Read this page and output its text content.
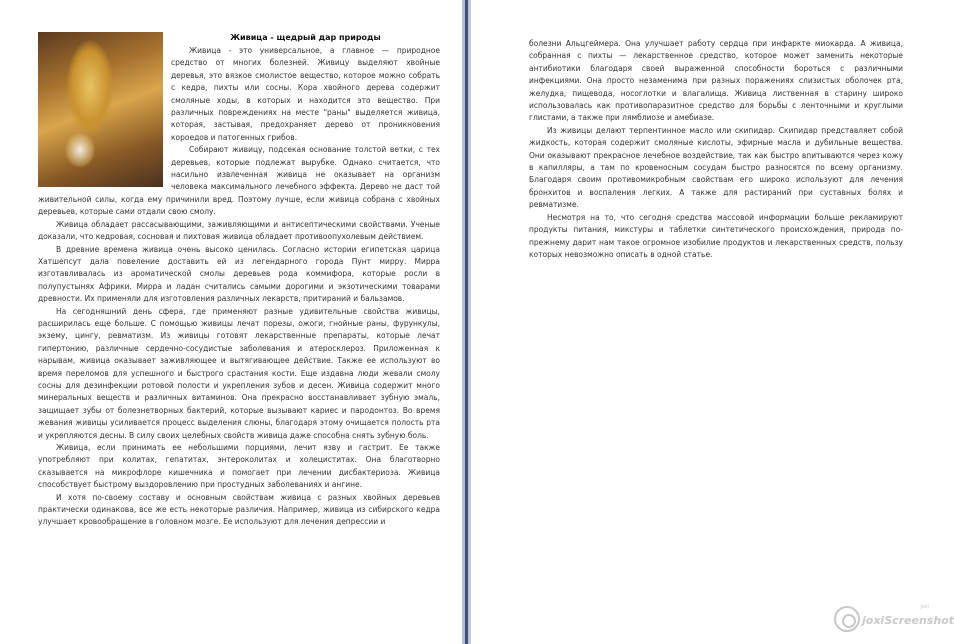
Живица - щедрый дар природы

Живица - это универсальное, а главное — природное средство от многих болезней. Живицу выделяют хвойные деревья, это вязкое смолистое вещество, которое можно собрать с кедра, пихты или сосны. Кора хвойного дерева содержит смоляные ходы, в которых и находится это вещество. При различных повреждениях на месте "раны" выделяется живица, которая, застывая, предохраняет дерево от проникновения короедов и патогенных грибов.

Собирают живицу, подсекая основание толстой ветки, с тех деревьев, которые подлежат вырубке. Однако считается, что насильно извлеченная живица не оказывает на организм человека максимального лечебного эффекта. Дерево не даст той живительной силы, когда ему причинили вред. Поэтому лучше, если живица собрана с хвойных деревьев, которые сами отдали свою смолу.

Живица обладает рассасывающими, заживляющими и антисептическими свойствами. Ученые доказали, что кедровая, сосновая и пихтовая живица обладает противоопухолевым действием.

В древние времена живица очень высоко ценилась. Согласно истории египетская царица Хатшепсут дала повеление доставить ей из легендарного города Пунт мирру. Мирра изготавливалась из ароматической смолы деревьев рода коммифора, которые росли в полупустынях Африки. Мирра и ладан считались самыми дорогими и экзотическими товарами древности. Их применяли для изготовления различных лекарств, притираний и бальзамов.

На сегодняшний день сфера, где применяют разные удивительные свойства живицы, расширилась еще больше. С помощью живицы лечат порезы, ожоги, гнойные раны, фурункулы, экзему, цингу, ревматизм. Из живицы готовят лекарственные препараты, которые лечат гипертонию, различные сердечно-сосудистые заболевания и атеросклероз. Приложенная к нарывам, живица оказывает заживляющее и вытягивающее действие. Также ее используют во время переломов для успешного и быстрого срастания кости. Еще издавна люди жевали смолу сосны для дезинфекции ротовой полости и укрепления зубов и десен. Живица содержит много минеральных веществ и различных витаминов. Она прекрасно восстанавливает зубную эмаль, защищает зубы от болезнетворных бактерий, которые вызывают кариес и пародонтоз. Во время жевания живицы усиливается процесс выделения слюны, благодаря этому очищается полость рта и укрепляются десны. В силу своих целебных свойств живица даже способна снять зубную боль.

Живица, если принимать ее небольшими порциями, лечит язву и гастрит. Ее также употребляют при колитах, гепатитах, энтероколитах и холециститах. Она благотворно сказывается на микрофлоре кишечника и помогает при лечении дисбактериоза. Живица способствует быстрому выздоровлению при простудных заболеваниях и ангине.

И хотя по-своему составу и основным свойствам живица с разных хвойных деревьев практически одинакова, все же есть некоторые различия. Например, живица из сибирского кедра улучшает кровообращение в головном мозге. Ее используют для лечения депрессии и

болезни Альцгеймера. Она улучшает работу сердца при инфаркте миокарда. А живица, собранная с пихты — лекарственное средство, которое может заменить некоторые антибиотики благодаря своей выраженной способности бороться с различными инфекциями. Она просто незаменима при разных поражениях слизистых оболочек рта, желудка, пищевода, носоглотки и влагалища. Живица лиственная в старину широко использовалась как противопаразитное средство для борьбы с ленточными и круглыми глистами, а также при лямблиозе и амебиазе.

Из живицы делают терпентинное масло или скипидар. Скипидар представляет собой жидкость, которая содержит смоляные кислоты, эфирные масла и дубильные вещества. Они оказывают прекрасное лечебное воздействие, так как быстро впитываются через кожу в капилляры, а там по кровеносным сосудам быстро разносятся по всему организму. Благодаря своим противомикробным свойствам его широко используют для лечения бронхитов и воспаления легких. А также для растираний при суставных болях и ревматизме.

Несмотря на то, что сегодня средства массовой информации больше рекламируют продукты питания, микстуры и таблетки синтетического происхождения, природа по-прежнему дарит нам такое огромное изобилие продуктов и лекарственных средств, пользу которых невозможно описать в одной статье.

joxiScreenshot
joxi
